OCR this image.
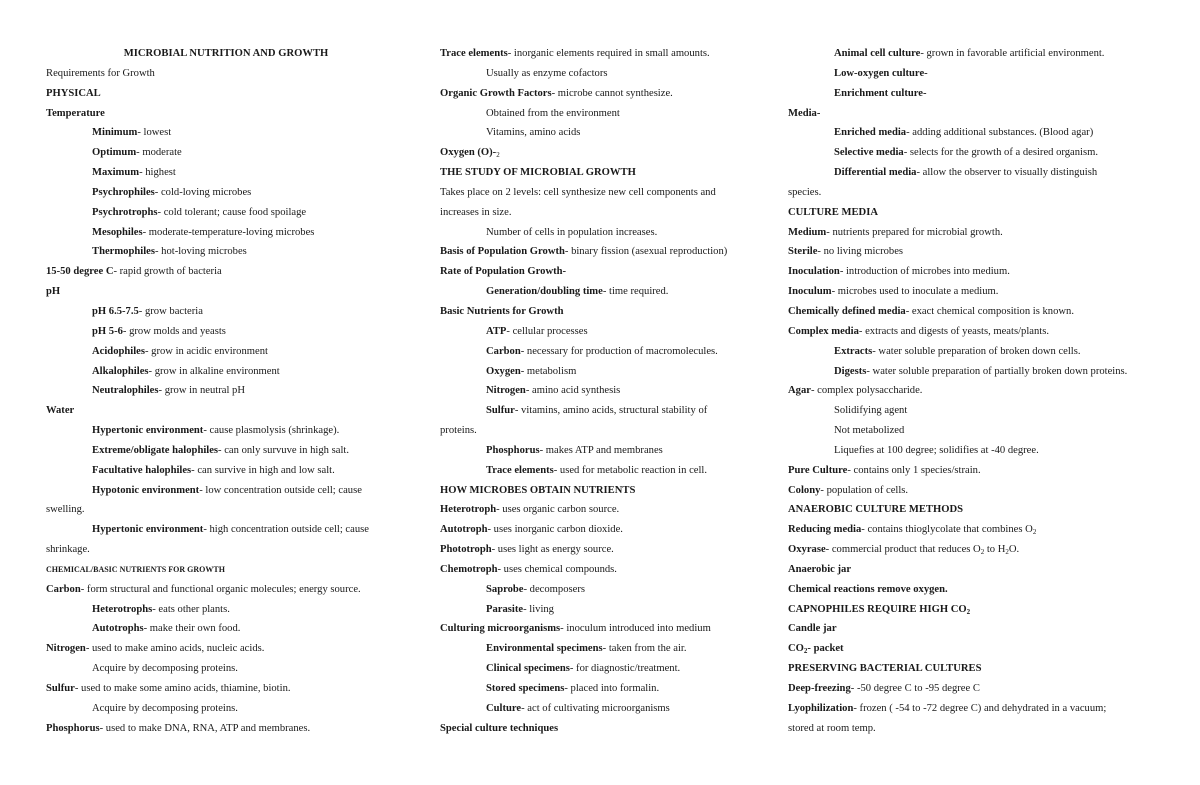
MICROBIAL NUTRITION AND GROWTH
Requirements for Growth
PHYSICAL
Temperature
Minimum- lowest
Optimum- moderate
Maximum- highest
Psychrophiles- cold-loving microbes
Psychrotrophs- cold tolerant; cause food spoilage
Mesophiles- moderate-temperature-loving microbes
Thermophiles- hot-loving microbes
15-50 degree C- rapid growth of bacteria
pH
pH 6.5-7.5- grow bacteria
pH 5-6- grow molds and yeasts
Acidophiles- grow in acidic environment
Alkalophiles- grow in alkaline environment
Neutralophiles- grow in neutral pH
Water
Hypertonic environment- cause plasmolysis (shrinkage).
Extreme/obligate halophiles- can only survuve in high salt.
Facultative halophiles- can survive in high and low salt.
Hypotonic environment- low concentration outside cell; cause
swelling.
Hypertonic environment- high concentration outside cell; cause
shrinkage.
CHEMICAL/BASIC NUTRIENTS FOR GROWTH
Carbon- form structural and functional organic molecules; energy source.
Heterotrophs- eats other plants.
Autotrophs- make their own food.
Nitrogen- used to make amino acids, nucleic acids.
Acquire by decomposing proteins.
Sulfur- used to make some amino acids, thiamine, biotin.
Acquire by decomposing proteins.
Phosphorus- used to make DNA, RNA, ATP and membranes.
Trace elements- inorganic elements required in small amounts.
Usually as enzyme cofactors
Organic Growth Factors- microbe cannot synthesize.
Obtained from the environment
Vitamins, amino acids
Oxygen $(O)-_2$
THE STUDY OF MICROBIAL GROWTH
Takes place on 2 levels: cell synthesize new cell components and
increases in size.
Number of cells in population increases.
Basis of Population Growth- binary fission (asexual reproduction)
Rate of Population Growth-
Generation/doubling time- time required.
Basic Nutrients for Growth
ATP- cellular processes
Carbon- necessary for production of macromolecules.
Oxygen- metabolism
Nitrogen- amino acid synthesis
Sulfur- vitamins, amino acids, structural stability of
proteins.
Phosphorus- makes ATP and membranes
Trace elements- used for metabolic reaction in cell.
HOW MICROBES OBTAIN NUTRIENTS
Heterotroph- uses organic carbon source.
Autotroph- uses inorganic carbon dioxide.
Phototroph- uses light as energy source.
Chemotroph- uses chemical compounds.
Saprobe- decomposers
Parasite- living
Culturing microorganisms- inoculum introduced into medium
Environmental specimens- taken from the air.
Clinical specimens- for diagnostic/treatment.
Stored specimens- placed into formalin.
Culture- act of cultivating microorganisms
Special culture techniques
Animal cell culture- grown in favorable artificial environment.
Low-oxygen culture-
Enrichment culture-
Media-
Enriched media- adding additional substances. (Blood agar)
Selective media- selects for the growth of a desired organism.
Differential media- allow the observer to visually distinguish
species.
CULTURE MEDIA
Medium- nutrients prepared for microbial growth.
Sterile- no living microbes
Inoculation- introduction of microbes into medium.
Inoculum- microbes used to inoculate a medium.
Chemically defined media- exact chemical composition is known.
Complex media- extracts and digests of yeasts, meats/plants.
Extracts- water soluble preparation of broken down cells.
Digests- water soluble preparation of partially broken down proteins.
Agar- complex polysaccharide.
Solidifying agent
Not metabolized
Liquefies at 100 degree; solidifies at -40 degree.
Pure Culture- contains only 1 species/strain.
Colony- population of cells.
ANAEROBIC CULTURE METHODS
Reducing media- contains thioglycolate that combines $O_2$
Oxyrase- commercial product that reduces $O_2$ to $H_2O$.
Anaerobic jar
Chemical reactions remove oxygen.
CAPNOPHILES REQUIRE HIGH $CO_2$
Candle jar
$CO_2-$ packet
PRESERVING BACTERIAL CULTURES
Deep-freezing- -50 degree C to -95 degree C
Lyophilization- frozen ( -54 to -72 degree C) and dehydrated in a vacuum;
stored at room temp.
